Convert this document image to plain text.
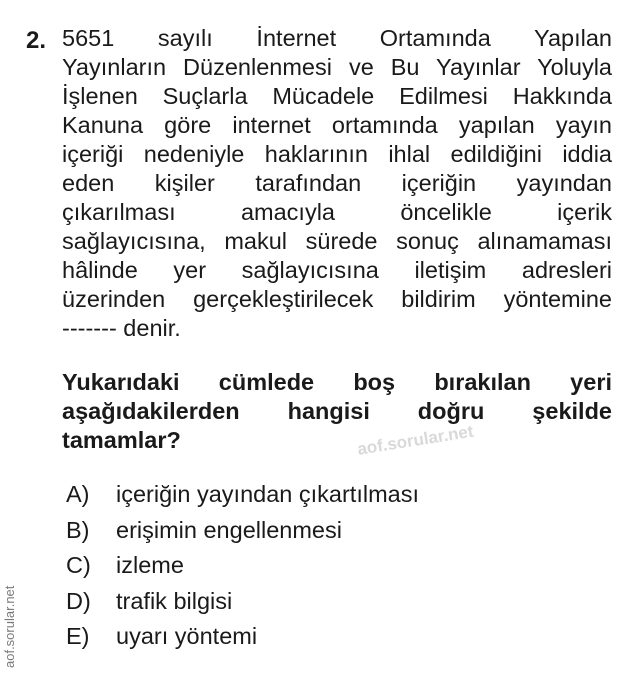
2. 5651 sayılı İnternet Ortamında Yapılan
Yayınların Düzenlenmesi ve Bu Yayınlar Yoluyla
İşlenen Suçlarla Mücadele Edilmesi Hakkında
Kanuna göre internet ortamında yapılan yayın
içeriği nedeniyle haklarının ihlal edildiğini iddia
eden kişiler tarafından içeriğin yayından
çıkarılması amacıyla öncelikle içerik
sağlayıcısına, makul sürede sonuç alınamaması
hâlinde yer sağlayıcısına iletişim adresleri
üzerinden gerçekleştirilecek bildirim yöntemine
------- denir.
Yukarıdaki cümlede boş bırakılan yeri
aşağıdakilerden hangisi doğru şekilde
tamamlar?	aof.sorular.net
A)	içeriğin yayından çıkartılması
B)	erişimin engellenmesi
C)	izleme
D)	trafik bilgisi
E)	uyarı yöntemi
aof.sorular.net
